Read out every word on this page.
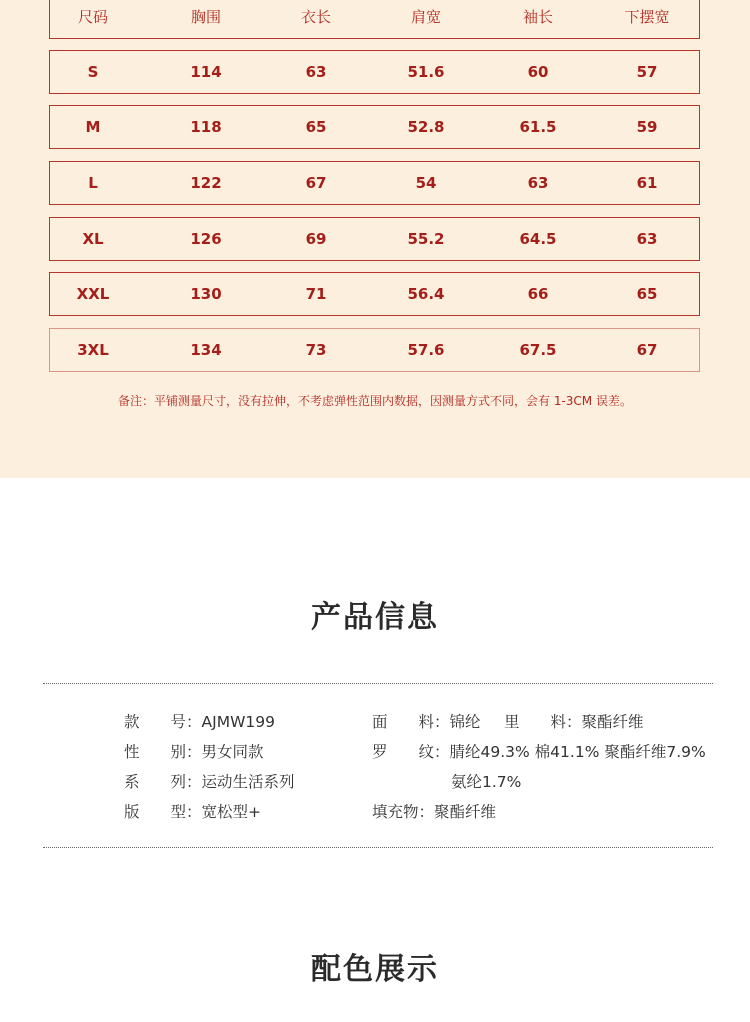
尺码	胸围	衣长	肩宽	袖长	下摆宽
S	114	63	51.6	60	57
M	118	65	52.8	61.5	59
L	122	67	54	63	61
XL	126	69	55.2	64.5	63
XXL	130	71	56.4	66	65
3XL	134	73	57.6	67.5	67
备注：平铺测量尺寸，没有拉伸，不考虑弹性范围内数据，因测量方式不同，会有 1-3CM 误差。
产品信息
款　　号：AJMW199
性　　别：男女同款
系　　列：运动生活系列
版　　型：宽松型+
面　　料：锦纶 里　　料：聚酯纤维
罗　　纹：腈纶49.3% 棉41.1% 聚酯纤维7.9%
氨纶1.7%
填充物：聚酯纤维
配色展示
